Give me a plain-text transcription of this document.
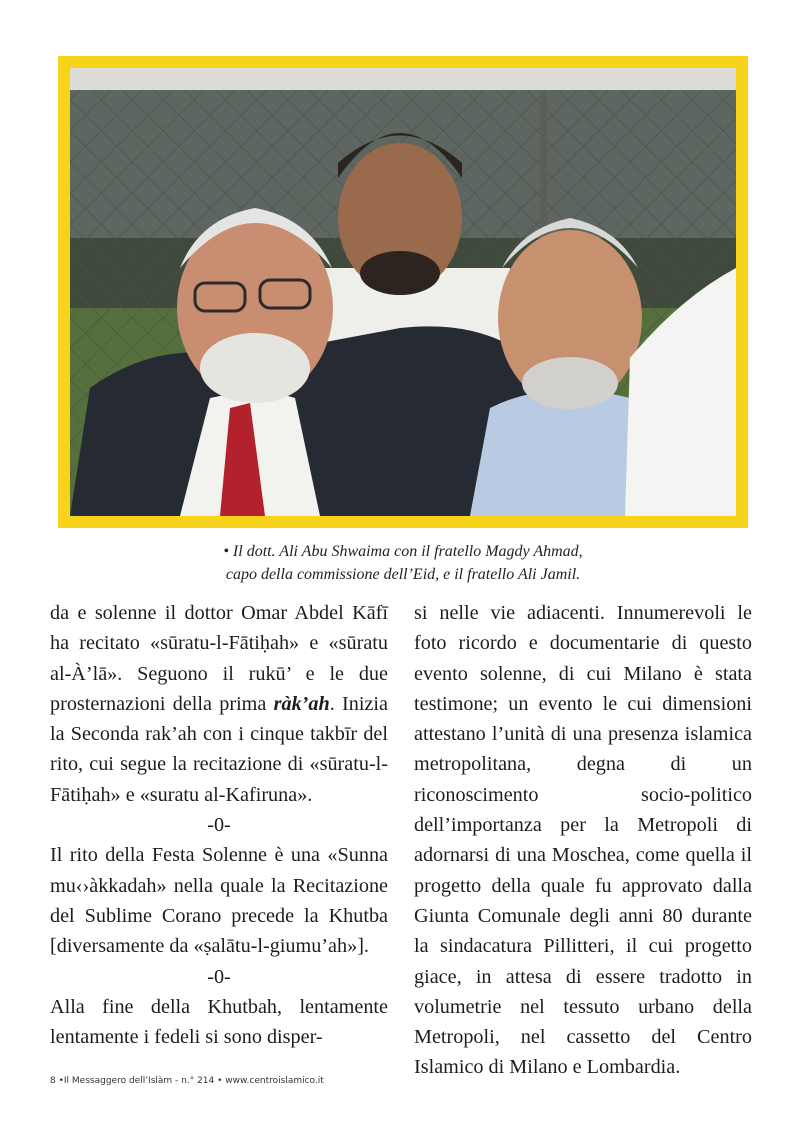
• Il dott. Ali Abu Shwaima con il fratello Magdy Ahmad,
capo della commissione dell’Eid, e il fratello Ali Jamil.

da e solenne il dottor Omar Abdel Kāfī ha recitato «sūratu-l-Fātiḥah» e «sūratu al-À’lā». Seguono il rukū’ e le due prosternazioni della prima ràk’ah. Inizia la Seconda rak’ah con i cinque takbīr del rito, cui segue la recitazione di «sūratu-l-Fātiḥah» e «suratu al-Kafiruna».

-0-

Il rito della Festa Solenne è una «Sunna mu‹›àkkadah» nella quale la Recitazione del Sublime Corano precede la Khutba [diversamente da «ṣalātu-l-giumu’ah»].

-0-

Alla fine della Khutbah, lentamente lentamente i fedeli si sono disper-

si nelle vie adiacenti. Innumerevoli le foto ricordo e documentarie di questo evento solenne, di cui Milano è stata testimone; un evento le cui dimensioni attestano l’unità di una presenza islamica metropolitana, degna di un riconoscimento socio-politico dell’importanza per la Metropoli di adornarsi di una Moschea, come quella il progetto della quale fu approvato dalla Giunta Comunale degli anni 80 durante la sindacatura Pillitteri, il cui progetto giace, in attesa di essere tradotto in volumetrie nel tessuto urbano della Metropoli, nel cassetto del Centro Islamico di Milano e Lombardia.

8 •Il Messaggero dell’Islàm - n.° 214 • www.centroislamico.it
